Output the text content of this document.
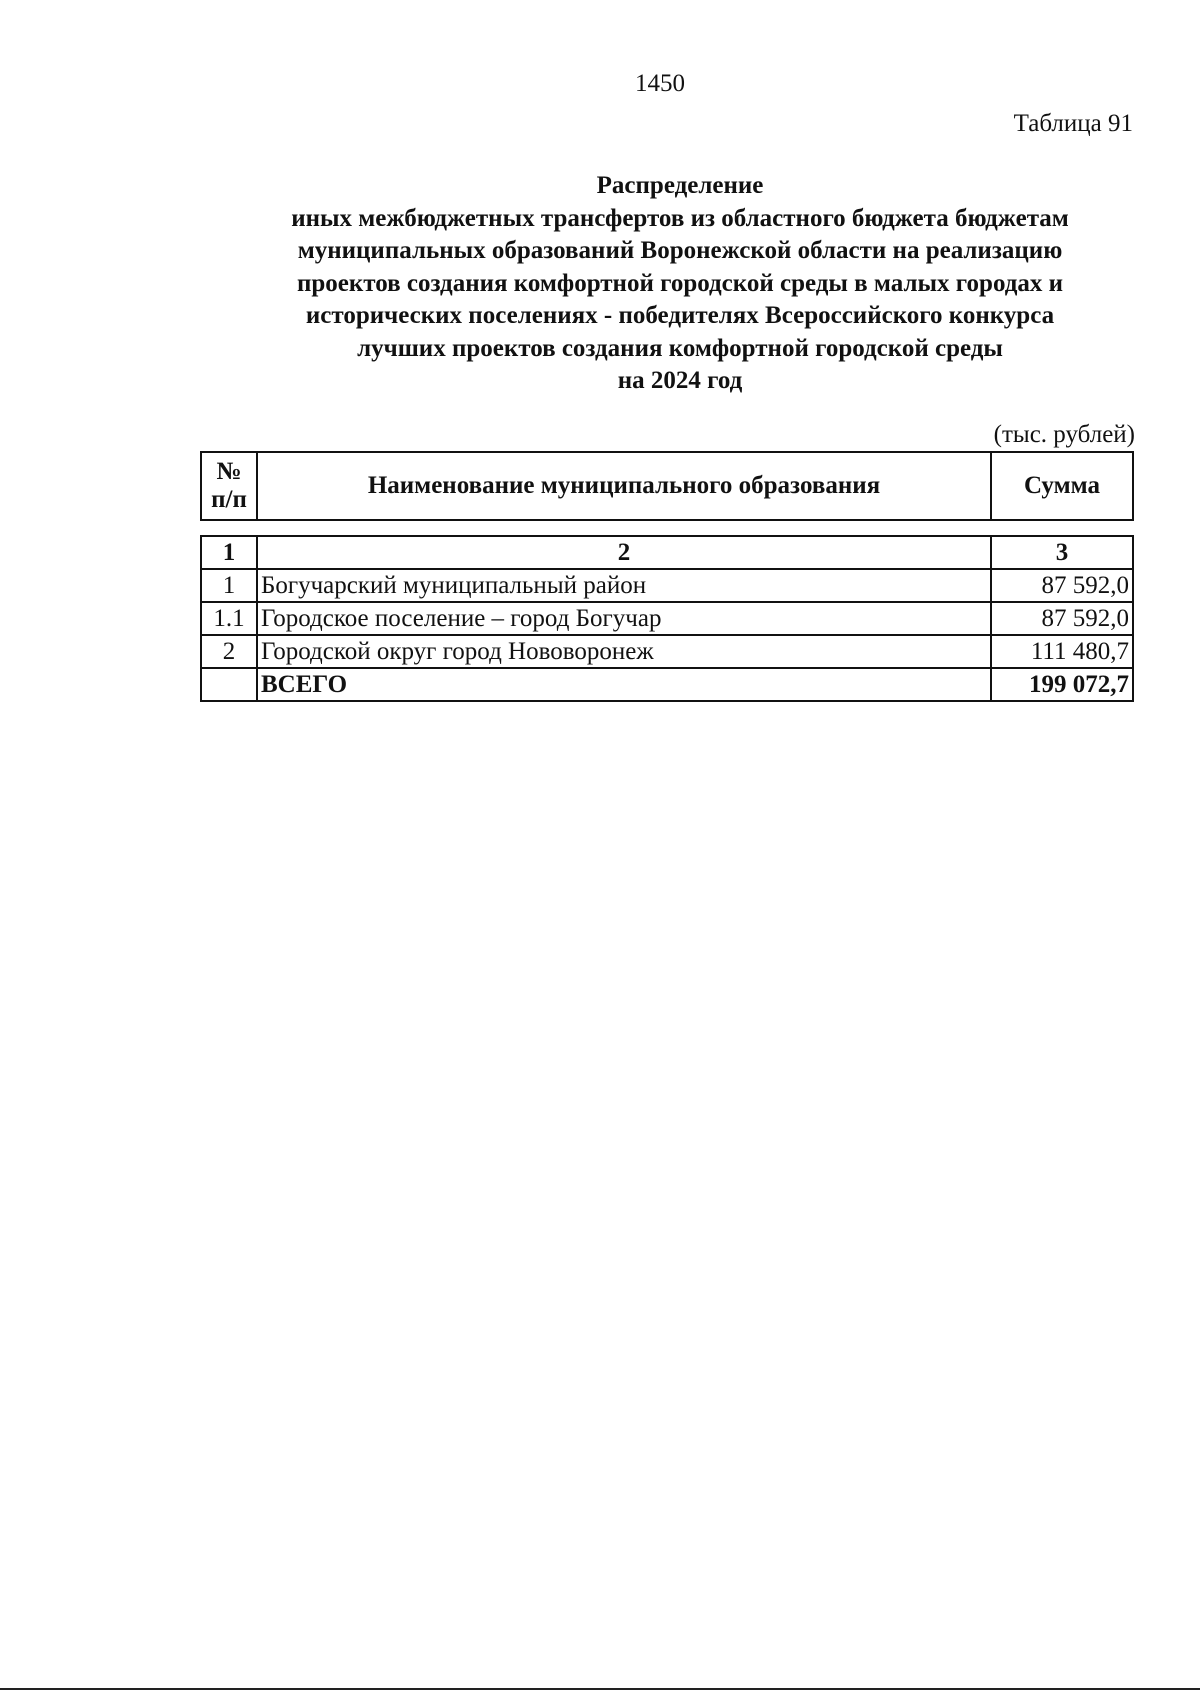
1450
Таблица 91
Распределение
иных межбюджетных трансфертов из областного бюджета бюджетам
муниципальных образований Воронежской области на реализацию
проектов создания комфортной городской среды в малых городах и
исторических поселениях - победителях Всероссийского конкурса
лучших проектов создания комфортной городской среды
на 2024 год
(тыс. рублей)
№
п/п
	Наименование муниципального образования	Сумма
1	2	3
1	Богучарский муниципальный район	87 592,0
1.1	Городское поселение – город Богучар	87 592,0
2	Городской округ город Нововоронеж	111 480,7
	ВСЕГО	199 072,7
